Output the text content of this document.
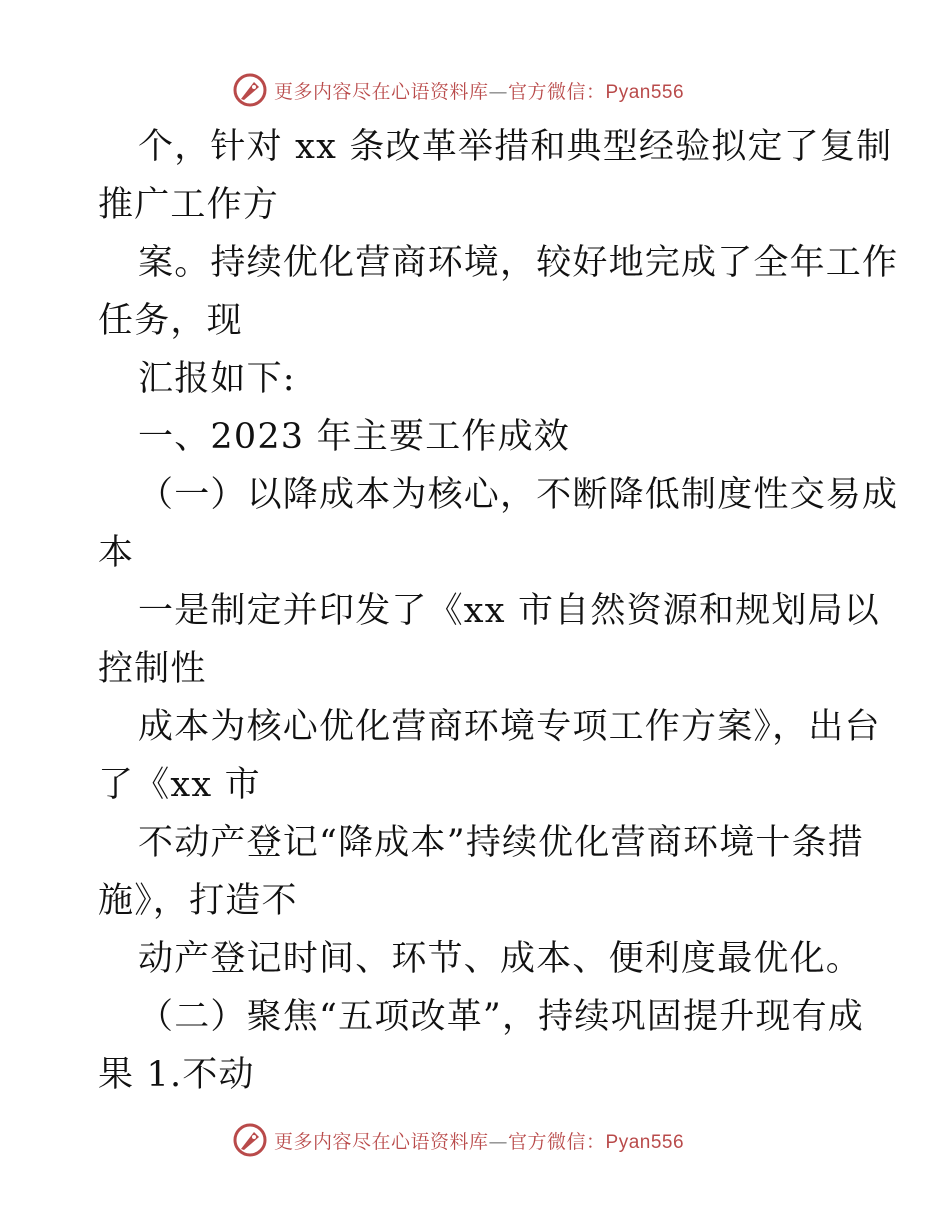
更多内容尽在心语资料库—官方微信：Pyan556
个，针对 xx 条改革举措和典型经验拟定了复制
推广工作方
案。持续优化营商环境，较好地完成了全年工作
任务，现
汇报如下:
一、2023 年主要工作成效
（一）以降成本为核心，不断降低制度性交易成
本
一是制定并印发了《xx 市自然资源和规划局以
控制性
成本为核心优化营商环境专项工作方案》，出台
了《xx 市
不动产登记“降成本”持续优化营商环境十条措
施》，打造不
动产登记时间、环节、成本、便利度最优化。
（二）聚焦“五项改革”，持续巩固提升现有成
果 1.不动
更多内容尽在心语资料库—官方微信：Pyan556
